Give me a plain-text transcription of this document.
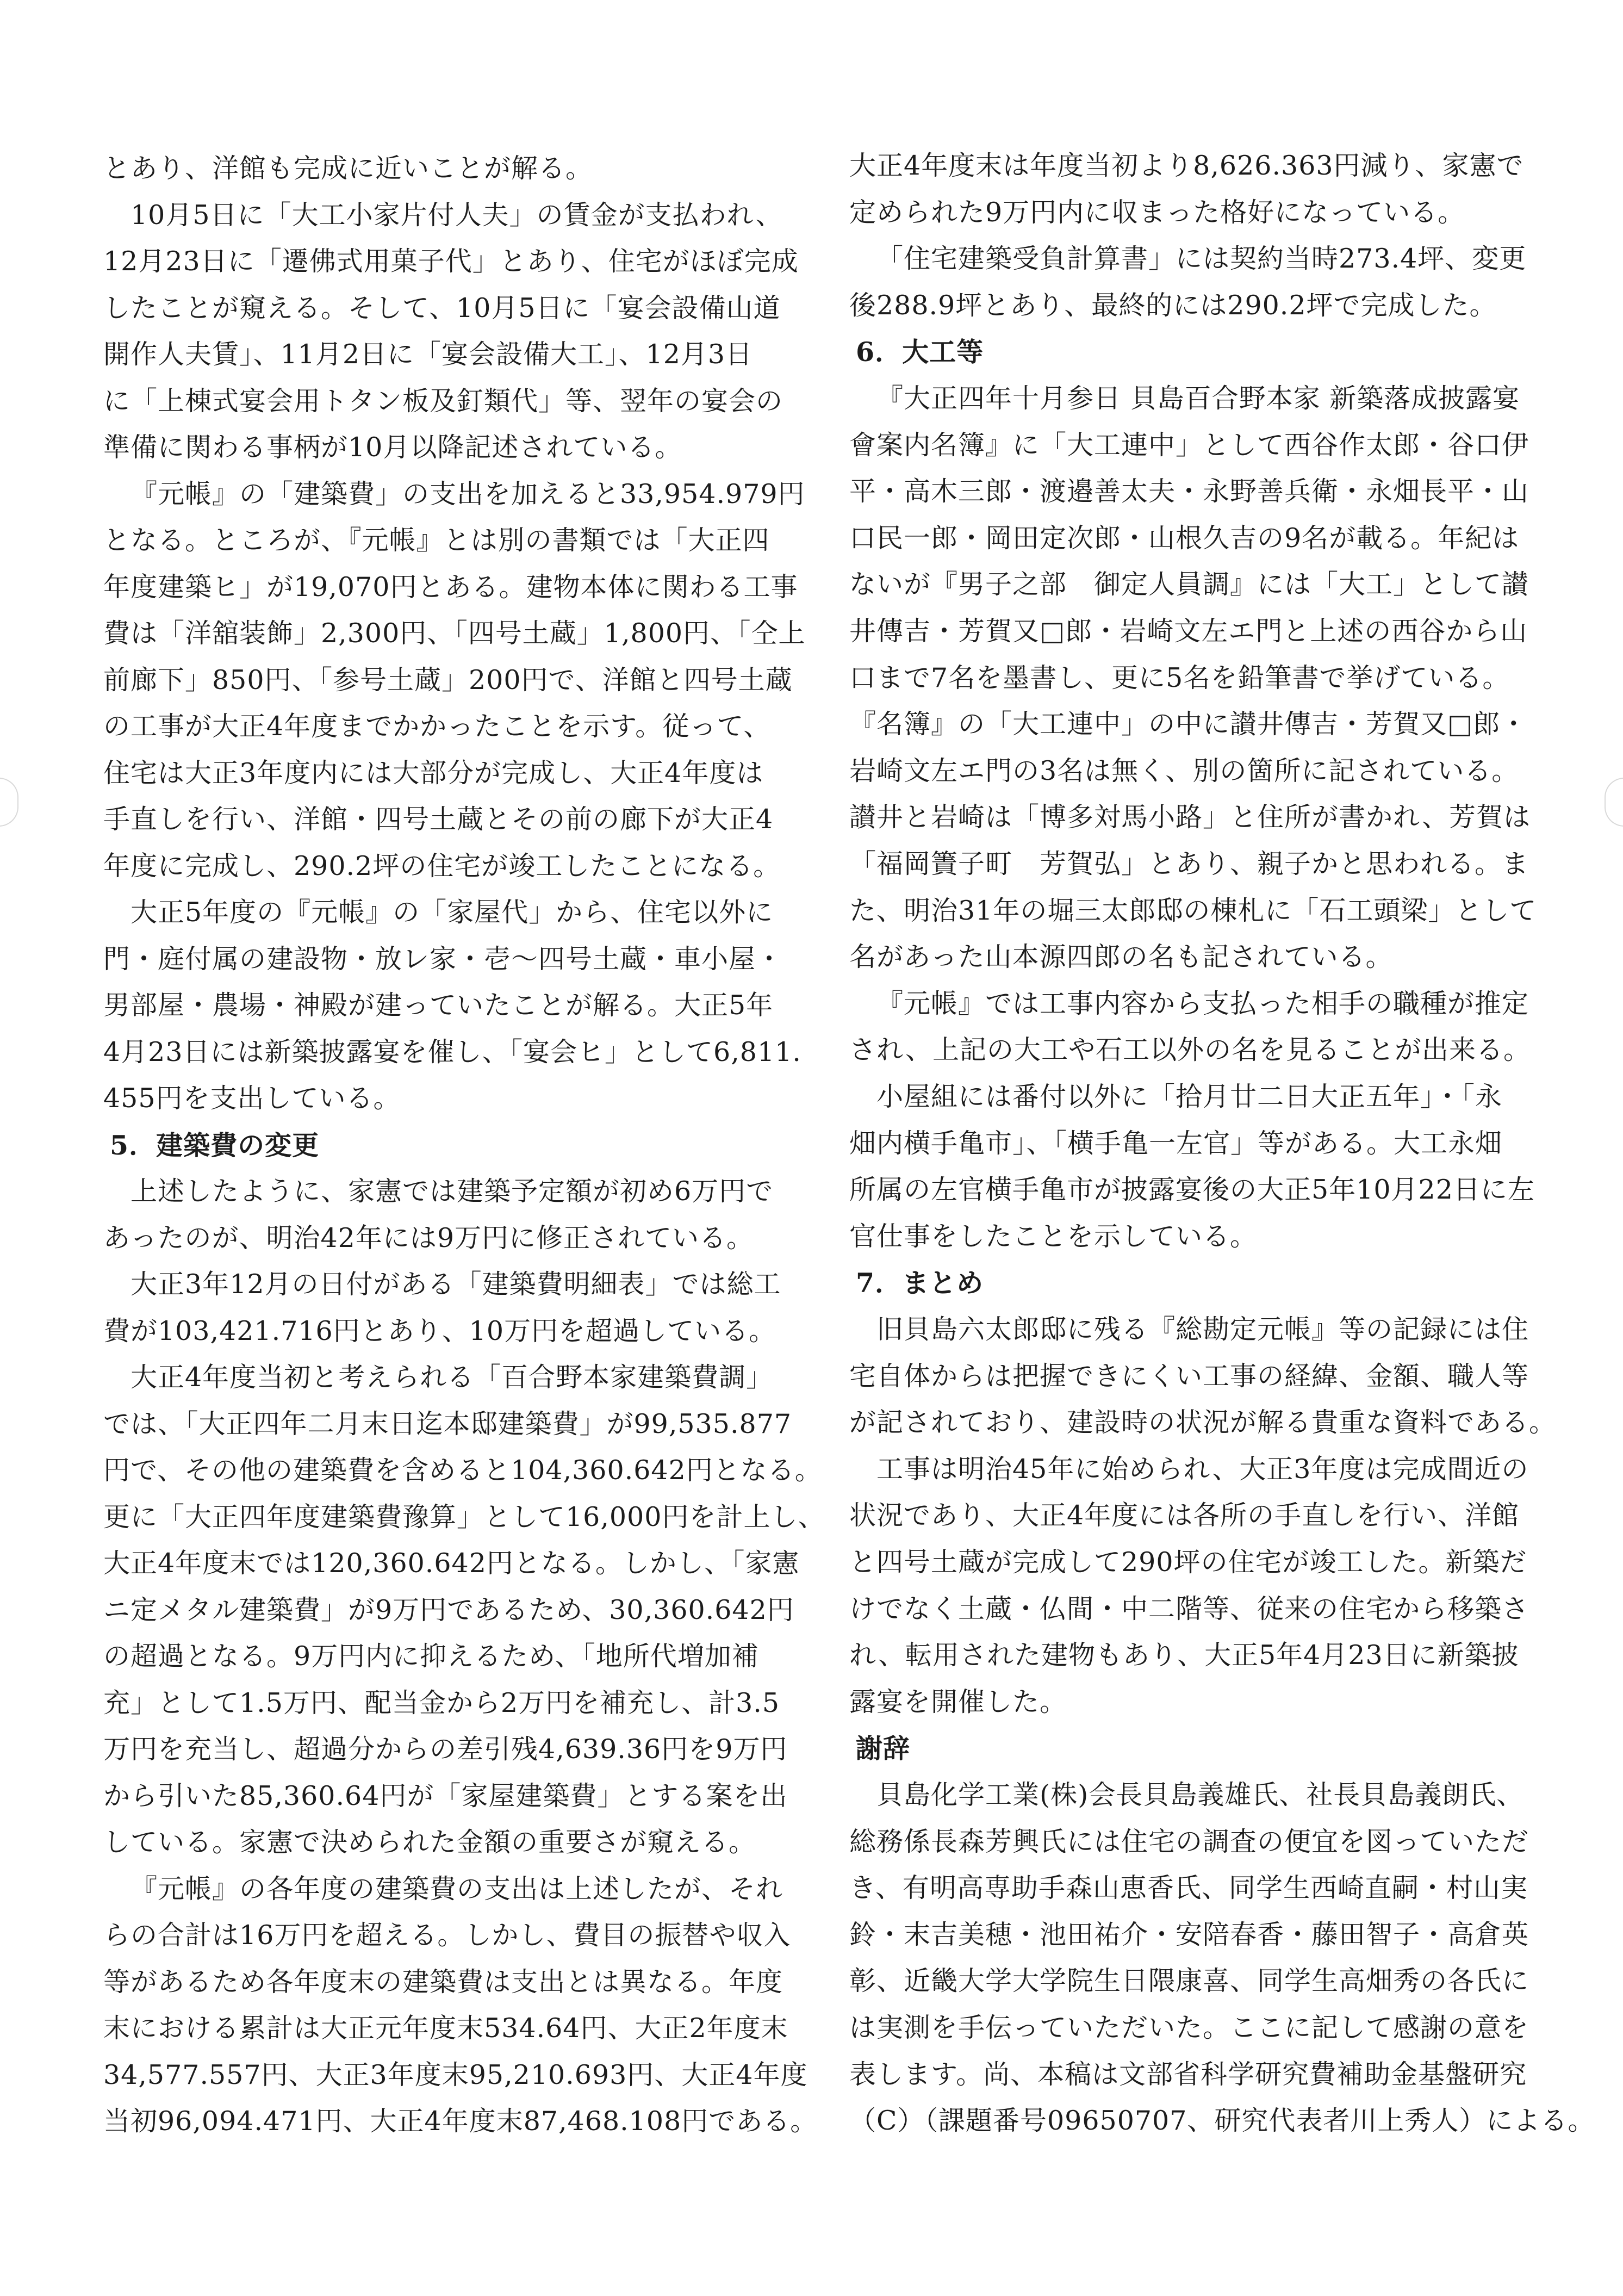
とあり、洋館も完成に近いことが解る。
10月5日に「大工小家片付人夫」の賃金が支払われ、
12月23日に「遷佛式用菓子代」とあり、住宅がほぼ完成
したことが窺える。そして、10月5日に「宴会設備山道
開作人夫賃」、11月2日に「宴会設備大工」、12月3日
に「上棟式宴会用トタン板及釘類代」等、翌年の宴会の
準備に関わる事柄が10月以降記述されている。
『元帳』の「建築費」の支出を加えると33,954.979円
となる。ところが、『元帳』とは別の書類では「大正四
年度建築ヒ」が19,070円とある。建物本体に関わる工事
費は「洋舘装飾」2,300円、「四号土蔵」1,800円、「仝上
前廊下」850円、「参号土蔵」200円で、洋館と四号土蔵
の工事が大正4年度までかかったことを示す。従って、
住宅は大正3年度内には大部分が完成し、大正4年度は
手直しを行い、洋館・四号土蔵とその前の廊下が大正4
年度に完成し、290.2坪の住宅が竣工したことになる。
大正5年度の『元帳』の「家屋代」から、住宅以外に
門・庭付属の建設物・放レ家・壱〜四号土蔵・車小屋・
男部屋・農場・神殿が建っていたことが解る。大正5年
4月23日には新築披露宴を催し、「宴会ヒ」として6,811.
455円を支出している。
5．建築費の変更
上述したように、家憲では建築予定額が初め6万円で
あったのが、明治42年には9万円に修正されている。
大正3年12月の日付がある「建築費明細表」では総工
費が103,421.716円とあり、10万円を超過している。
大正4年度当初と考えられる「百合野本家建築費調」
では、「大正四年二月末日迄本邸建築費」が99,535.877
円で、その他の建築費を含めると104,360.642円となる。
更に「大正四年度建築費豫算」として16,000円を計上し、
大正4年度末では120,360.642円となる。しかし、「家憲
ニ定メタル建築費」が9万円であるため、30,360.642円
の超過となる。9万円内に抑えるため、「地所代増加補
充」として1.5万円、配当金から2万円を補充し、計3.5
万円を充当し、超過分からの差引残4,639.36円を9万円
から引いた85,360.64円が「家屋建築費」とする案を出
している。家憲で決められた金額の重要さが窺える。
『元帳』の各年度の建築費の支出は上述したが、それ
らの合計は16万円を超える。しかし、費目の振替や収入
等があるため各年度末の建築費は支出とは異なる。年度
末における累計は大正元年度末534.64円、大正2年度末
34,577.557円、大正3年度末95,210.693円、大正4年度
当初96,094.471円、大正4年度末87,468.108円である。
大正4年度末は年度当初より8,626.363円減り、家憲で
定められた9万円内に収まった格好になっている。
「住宅建築受負計算書」には契約当時273.4坪、変更
後288.9坪とあり、最終的には290.2坪で完成した。
6．大工等
『大正四年十月参日 貝島百合野本家 新築落成披露宴
會案内名簿』に「大工連中」として西谷作太郎・谷口伊
平・高木三郎・渡邉善太夫・永野善兵衛・永畑長平・山
口民一郎・岡田定次郎・山根久吉の9名が載る。年紀は
ないが『男子之部　御定人員調』には「大工」として讃
井傳吉・芳賀又□郎・岩崎文左エ門と上述の西谷から山
口まで7名を墨書し、更に5名を鉛筆書で挙げている。
『名簿』の「大工連中」の中に讃井傳吉・芳賀又□郎・
岩崎文左エ門の3名は無く、別の箇所に記されている。
讃井と岩崎は「博多対馬小路」と住所が書かれ、芳賀は
「福岡簀子町　芳賀弘」とあり、親子かと思われる。ま
た、明治31年の堀三太郎邸の棟札に「石工頭梁」として
名があった山本源四郎の名も記されている。
『元帳』では工事内容から支払った相手の職種が推定
され、上記の大工や石工以外の名を見ることが出来る。
小屋組には番付以外に「拾月廿二日大正五年」・「永
畑内横手亀市」、「横手亀一左官」等がある。大工永畑
所属の左官横手亀市が披露宴後の大正5年10月22日に左
官仕事をしたことを示している。
7．まとめ
旧貝島六太郎邸に残る『総勘定元帳』等の記録には住
宅自体からは把握できにくい工事の経緯、金額、職人等
が記されており、建設時の状況が解る貴重な資料である。
工事は明治45年に始められ、大正3年度は完成間近の
状況であり、大正4年度には各所の手直しを行い、洋館
と四号土蔵が完成して290坪の住宅が竣工した。新築だ
けでなく土蔵・仏間・中二階等、従来の住宅から移築さ
れ、転用された建物もあり、大正5年4月23日に新築披
露宴を開催した。
謝辞
貝島化学工業(株)会長貝島義雄氏、社長貝島義朗氏、
総務係長森芳興氏には住宅の調査の便宜を図っていただ
き、有明高専助手森山恵香氏、同学生西崎直嗣・村山実
鈴・末吉美穂・池田祐介・安陪春香・藤田智子・高倉英
彰、近畿大学大学院生日隈康喜、同学生高畑秀の各氏に
は実測を手伝っていただいた。ここに記して感謝の意を
表します。尚、本稿は文部省科学研究費補助金基盤研究
（C）（課題番号09650707、研究代表者川上秀人）による。
